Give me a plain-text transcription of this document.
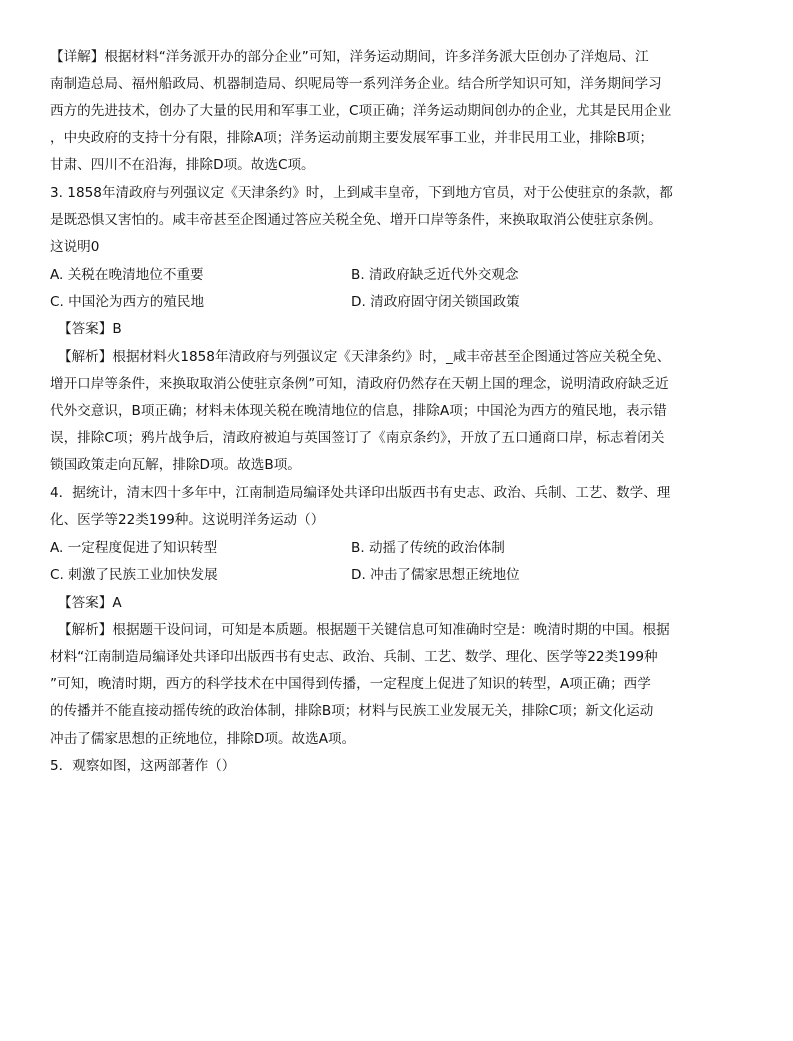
【详解】根据材料“洋务派开办的部分企业”可知，洋务运动期间，许多洋务派大臣创办了洋炮局、江
南制造总局、福州船政局、机器制造局、织呢局等一系列洋务企业。结合所学知识可知，洋务期间学习
西方的先进技术，创办了大量的民用和军事工业，C项正确；洋务运动期间创办的企业，尤其是民用企业
，中央政府的支持十分有限，排除A项；洋务运动前期主要发展军事工业，并非民用工业，排除B项；
甘肃、四川不在沿海，排除D项。故选C项。
3. 1858年清政府与列强议定《天津条约》时，上到咸丰皇帝，下到地方官员，对于公使驻京的条款，都
是既恐惧又害怕的。咸丰帝甚至企图通过答应关税全免、增开口岸等条件，来换取取消公使驻京条例。
这说明0
A. 关税在晚清地位不重要	B. 清政府缺乏近代外交观念
C. 中国沦为西方的殖民地	D. 清政府固守闭关锁国政策
【答案】B
【解析】根据材料火1858年清政府与列强议定《天津条约》时，_咸丰帝甚至企图通过答应关税全免、
增开口岸等条件，来换取取消公使驻京条例”可知，清政府仍然存在天朝上国的理念，说明清政府缺乏近
代外交意识，B项正确；材料未体现关税在晚清地位的信息，排除A项；中国沦为西方的殖民地，表示错
误，排除C项；鸦片战争后，清政府被迫与英国签订了《南京条约》，开放了五口通商口岸，标志着闭关
锁国政策走向瓦解，排除D项。故选B项。
4．据统计，清末四十多年中，江南制造局编译处共译印出版西书有史志、政治、兵制、工艺、数学、理
化、医学等22类199种。这说明洋务运动（）
A. 一定程度促进了知识转型	B. 动摇了传统的政治体制
C. 刺激了民族工业加快发展	D. 冲击了儒家思想正统地位
【答案】A
【解析】根据题干设问词，可知是本质题。根据题干关键信息可知准确时空是：晚清时期的中国。根据
材料“江南制造局编译处共译印出版西书有史志、政治、兵制、工艺、数学、理化、医学等22类199种
”可知，晚清时期，西方的科学技术在中国得到传播，一定程度上促进了知识的转型，A项正确；西学
的传播并不能直接动摇传统的政治体制，排除B项；材料与民族工业发展无关，排除C项；新文化运动
冲击了儒家思想的正统地位，排除D项。故选A项。
5．观察如图，这两部著作（）
